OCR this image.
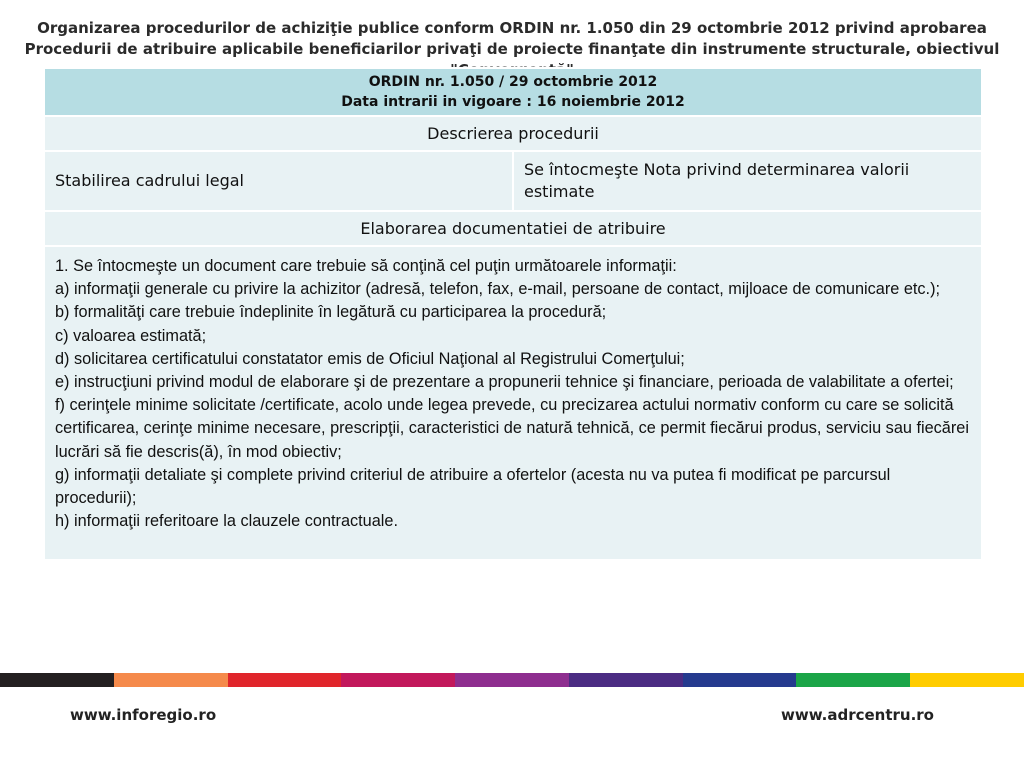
Organizarea procedurilor de achiziţie publice conform ORDIN nr. 1.050 din 29 octombrie 2012 privind aprobarea Procedurii de atribuire aplicabile beneficiarilor privaţi de proiecte finanţate din instrumente structurale, obiectivul
ORDIN nr. 1.050 / 29 octombrie 2012
Data intrarii in vigoare : 16 noiembrie 2012

Descrierea procedurii
Stabilirea cadrului legal	Se întocmeşte Nota privind determinarea valorii estimate
Elaborarea documentatiei de atribuire

1. Se întocmeşte un document care trebuie să conţină cel puţin următoarele informaţii:

a) informaţii generale cu privire la achizitor (adresă, telefon, fax, e-mail, persoane de contact, mijloace de comunicare etc.);

b) formalităţi care trebuie îndeplinite în legătură cu participarea la procedură;

c) valoarea estimată;

d) solicitarea certificatului constatator emis de Oficiul Naţional al Registrului Comerţului;

e) instrucţiuni privind modul de elaborare şi de prezentare a propunerii tehnice şi financiare, perioada de valabilitate a ofertei;

f) cerinţele minime solicitate /certificate, acolo unde legea prevede, cu precizarea actului normativ conform cu care se solicită certificarea, cerinţe minime necesare, prescripţii, caracteristici de natură tehnică, ce permit fiecărui produs, serviciu sau fiecărei lucrări să fie descris(ă), în mod obiectiv;

g) informaţii detaliate şi complete privind criteriul de atribuire a ofertelor (acesta nu va putea fi modificat pe parcursul procedurii);

h) informaţii referitoare la clauzele contractuale.

www.inforegio.ro	www.adrcentru.ro
